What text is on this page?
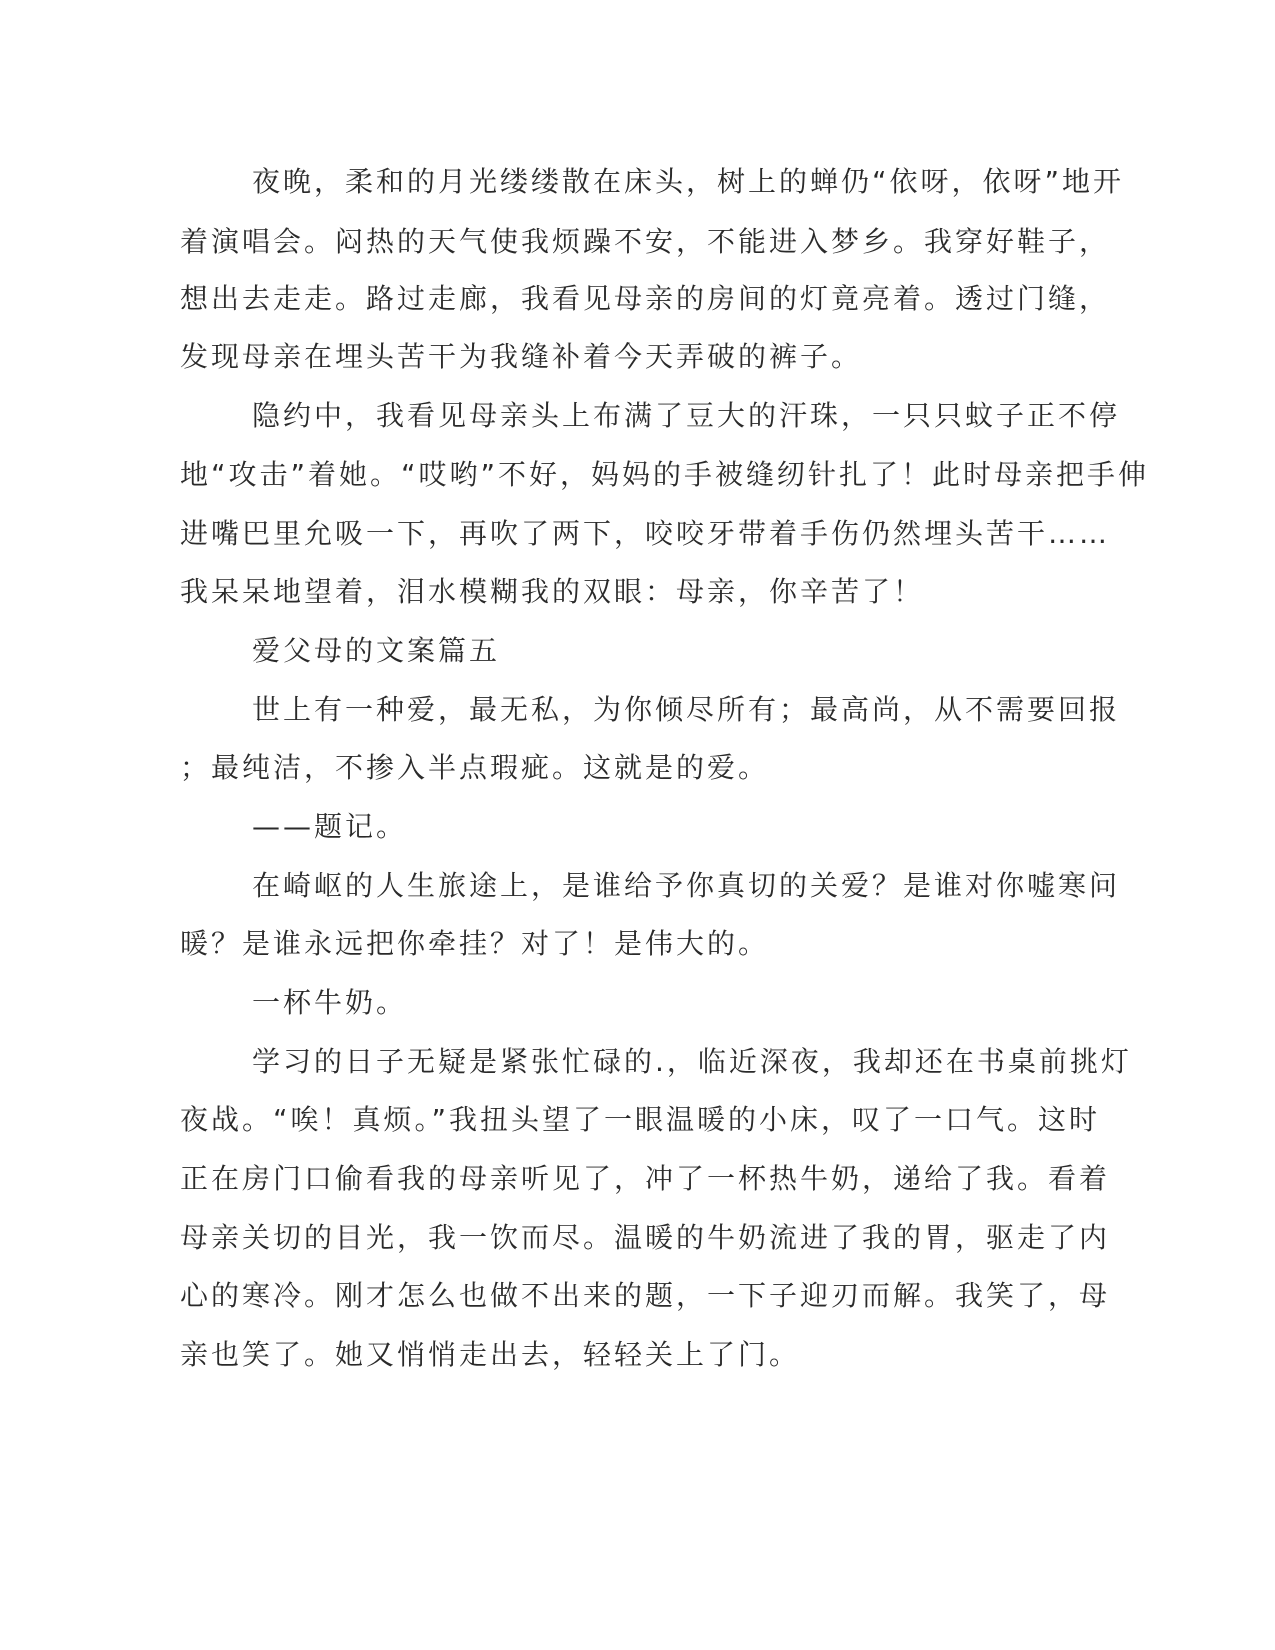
夜晚，柔和的月光缕缕散在床头，树上的蝉仍“依呀，依呀”地开

着演唱会。闷热的天气使我烦躁不安，不能进入梦乡。我穿好鞋子，

想出去走走。路过走廊，我看见母亲的房间的灯竟亮着。透过门缝，

发现母亲在埋头苦干为我缝补着今天弄破的裤子。

隐约中，我看见母亲头上布满了豆大的汗珠，一只只蚊子正不停

地“攻击”着她。“哎哟”不好，妈妈的手被缝纫针扎了！此时母亲把手伸

进嘴巴里允吸一下，再吹了两下，咬咬牙带着手伤仍然埋头苦干……

我呆呆地望着，泪水模糊我的双眼：母亲，你辛苦了！

爱父母的文案篇五

世上有一种爱，最无私，为你倾尽所有；最高尚，从不需要回报

；最纯洁，不掺入半点瑕疵。这就是的爱。

——题记。

在崎岖的人生旅途上，是谁给予你真切的关爱？是谁对你嘘寒问

暖？是谁永远把你牵挂？对了！是伟大的。

一杯牛奶。

学习的日子无疑是紧张忙碌的.，临近深夜，我却还在书桌前挑灯

夜战。“唉！真烦。”我扭头望了一眼温暖的小床，叹了一口气。这时

正在房门口偷看我的母亲听见了，冲了一杯热牛奶，递给了我。看着

母亲关切的目光，我一饮而尽。温暖的牛奶流进了我的胃，驱走了内

心的寒冷。刚才怎么也做不出来的题，一下子迎刃而解。我笑了，母

亲也笑了。她又悄悄走出去，轻轻关上了门。
